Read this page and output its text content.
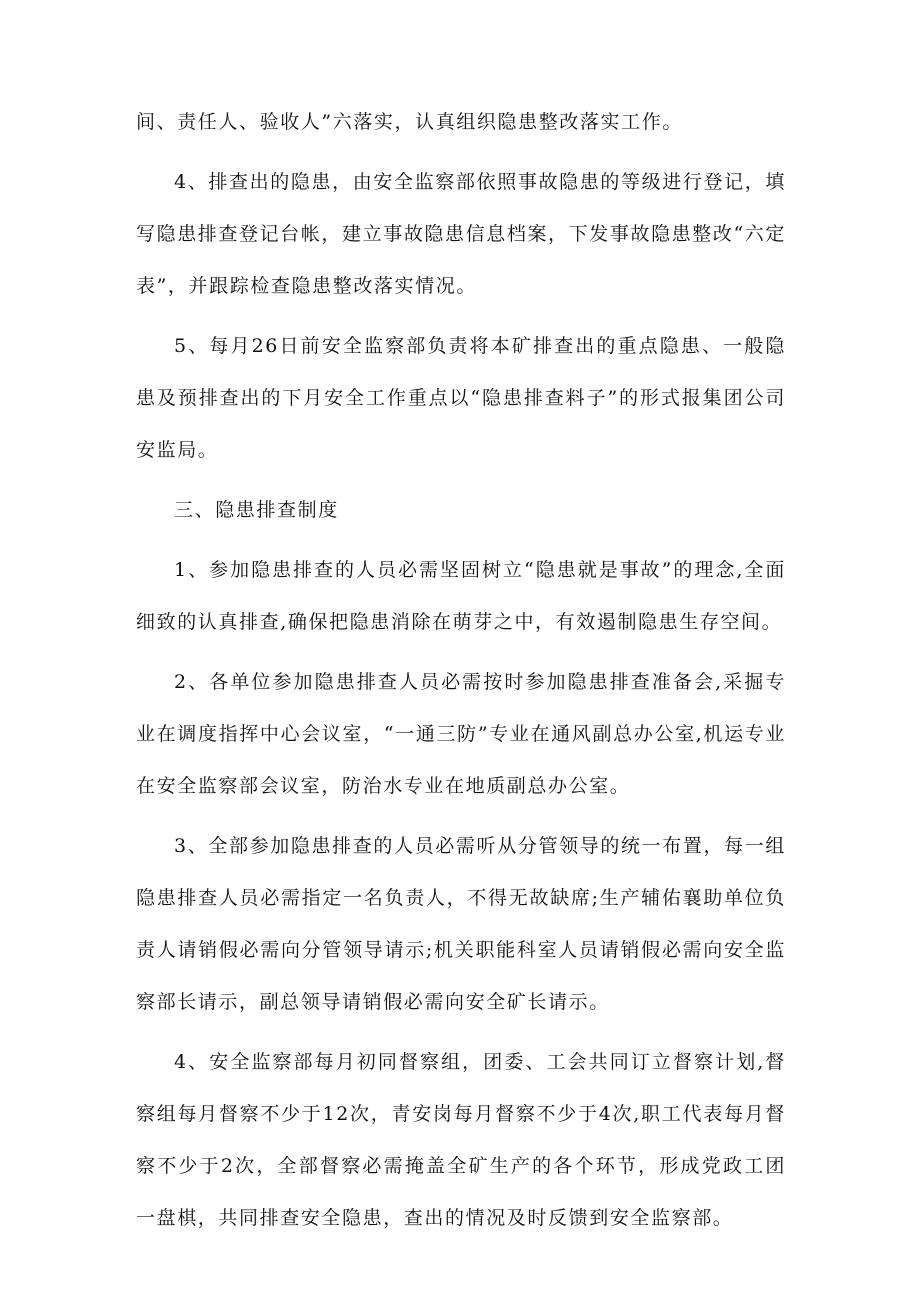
间、责任人、验收人”六落实，认真组织隐患整改落实工作。

4、排查出的隐患，由安全监察部依照事故隐患的等级进行登记，填写隐患排查登记台帐，建立事故隐患信息档案，下发事故隐患整改“六定表”，并跟踪检查隐患整改落实情况。

5、每月26日前安全监察部负责将本矿排查出的重点隐患、一般隐患及预排查出的下月安全工作重点以“隐患排查料子”的形式报集团公司安监局。

三、隐患排查制度

1、参加隐患排查的人员必需坚固树立“隐患就是事故”的理念,全面细致的认真排查,确保把隐患消除在萌芽之中，有效遏制隐患生存空间。

2、各单位参加隐患排查人员必需按时参加隐患排查准备会,采掘专业在调度指挥中心会议室，“一通三防”专业在通风副总办公室,机运专业在安全监察部会议室，防治水专业在地质副总办公室。

3、全部参加隐患排查的人员必需听从分管领导的统一布置，每一组隐患排查人员必需指定一名负责人，不得无故缺席;生产辅佑襄助单位负责人请销假必需向分管领导请示;机关职能科室人员请销假必需向安全监察部长请示，副总领导请销假必需向安全矿长请示。

4、安全监察部每月初同督察组，团委、工会共同订立督察计划,督察组每月督察不少于12次，青安岗每月督察不少于4次,职工代表每月督察不少于2次，全部督察必需掩盖全矿生产的各个环节，形成党政工团一盘棋，共同排查安全隐患，查出的情况及时反馈到安全监察部。
